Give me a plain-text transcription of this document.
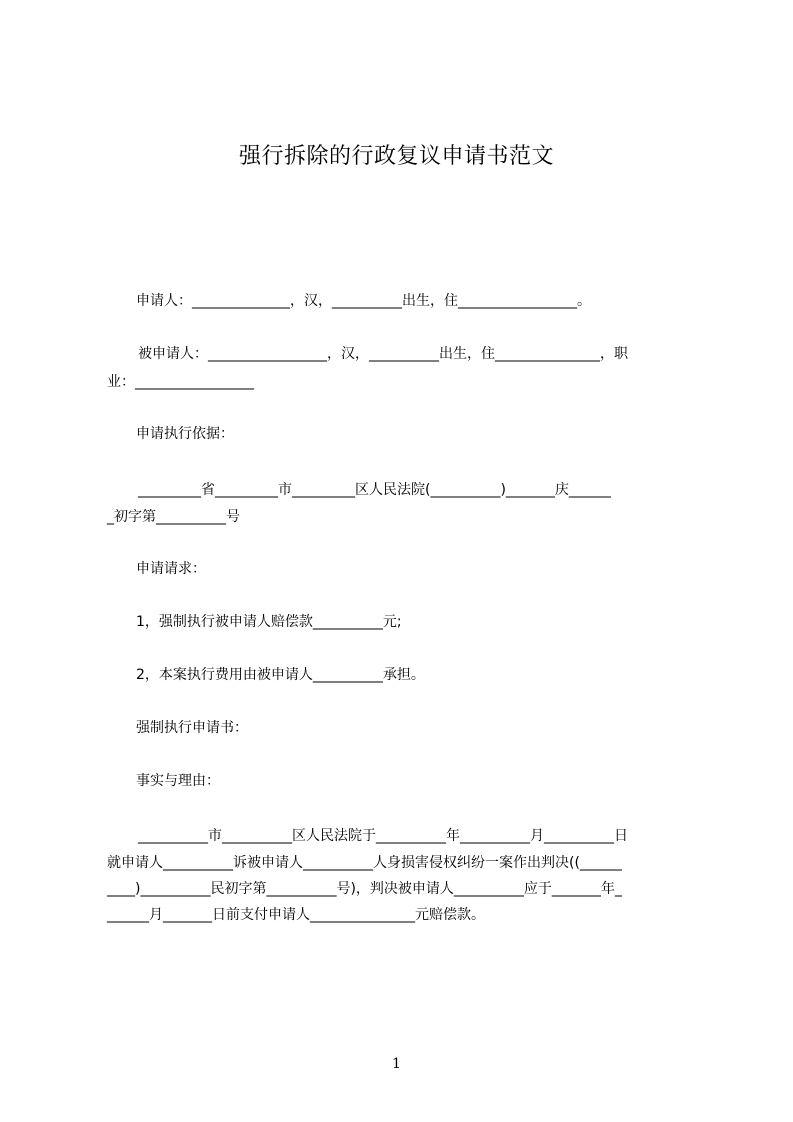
强行拆除的行政复议申请书范文
申请人：______________，汉，__________出生，住_________________。
被申请人：_________________，汉，__________出生，住_______________，职
业：_________________
申请执行依据：
_________省_________市_________区人民法院(__________)_______庆______
_初字第__________号
申请请求：
1，强制执行被申请人赔偿款__________元;
2，本案执行费用由被申请人__________承担。
强制执行申请书：
事实与理由：
__________市__________区人民法院于__________年__________月__________日
就申请人__________诉被申请人__________人身损害侵权纠纷一案作出判决((______
____)__________民初字第__________号)，判决被申请人__________应于_______年_
______月_______日前支付申请人_______________元赔偿款。
1
